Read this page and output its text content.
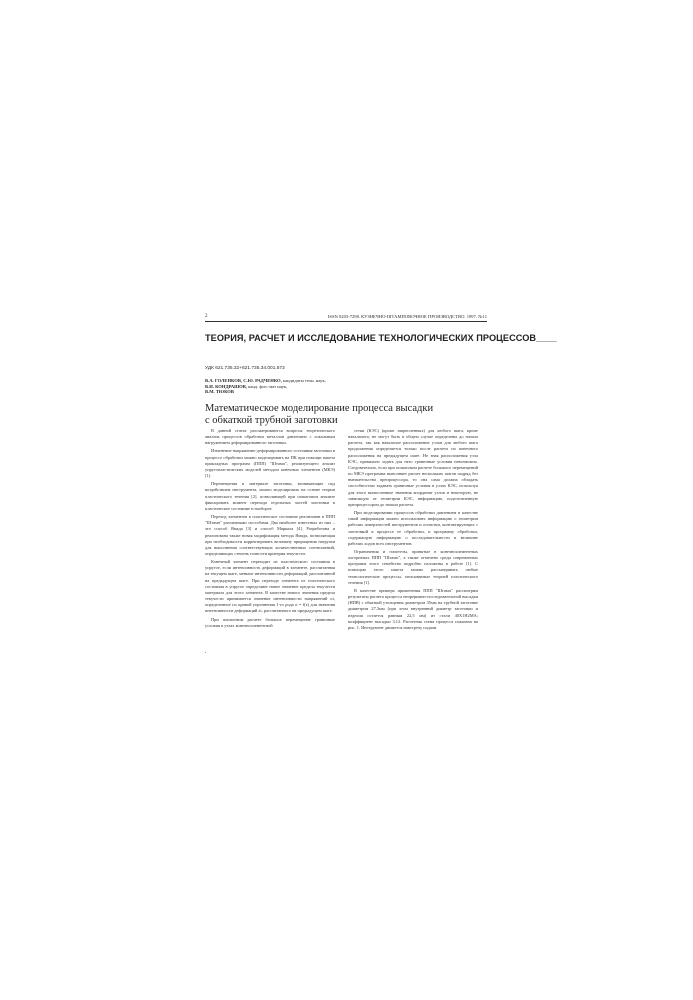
2	ISSN 0203-7298. КУЗНЕЧНО-ШТАМПОВОЧНОЕ ПРОИЗВОДСТВО. 1997. №11
ТЕОРИЯ, РАСЧЕТ И ИССЛЕДОВАНИЕ ТЕХНОЛОГИЧЕСКИХ ПРОЦЕССОВ____
УДК 621.735.32+621.735.34.001.573
В.А. ГОЛЕНКОВ, С.Ю. РАДЧЕНКО, кандидаты техн. наук,
В.И. КОНДРАШОВ, канд. физ.-мат наук,
В.М. ТЮКОВ
Математическое моделирование процесса высадки
с обкаткой трубной заготовки

В данной статье рассматриваются вопросы теоретического анализа процессов обработки металлов давлением с локальным нагружением деформированного заготовки.

Изменение напряженно-деформированного состояния заготовки в процессе обработки можно моделировать на ПК при помощи пакета прикладных программ (ППП) "Штамп", реализующего анализ упругопластических моделей методом конечных элементов (МКЭ) [1].

Перемещения в материале заготовки, возникающие под воздействием инструмента, можно моделировать на основе теории пластического течения [2], позволяющей при пошаговом анализе фиксировать момент перехода отдельных частей заготовки в пластическое состояние и наоборот.

Переход элементов в пластическое состояние реализован в ППП "Штамп" различными способами. Два наиболее известных из них – это способ Ямада [3] и способ Маркала [4]. Разработана и реализована также новая модификация метода Ямада, позволяющая при необходимости корректировать величину приращения нагрузки для выполнения соответствующих количественных соотношений, определяющих степень точности критерия текучести.

Конечный элемент переходит из пластического состояния в упругое, если интенсивность деформаций в элементе, рассчитанная на текущем шаге, меньше интенсивности деформаций, рассчитанной на предыдущем шаге. При переходе элемента из пластического состояния в упругое определяют новое значение предела текучести материала для этого элемента. В качестве нового значения предела текучести принимается значение интенсивности напряжений σi, определенное по кривой упрочнения 1-го рода σ = f(ε) для значения интенсивности деформаций εi, рассчитанного на предыдущем шаге.

При пошаговом расчете большое перемещение граничные условия в узлах конечноэлементной

сетки (КЭС) (кроме закрепленных) для любого шага, кроме начального, не могут быть в общем случае определены до начала расчета, так как начальное расположение узлов для любого шага продолжения определяется только после расчета по конечного расположения на предыдущем шаге. Не зная расположения узла КЭС, правильно задать для него граничные условия невозможно. Следовательно, если при пошаговом расчете большого перемещений по МКЭ программа выполняет расчет нескольких шагов подряд без вмешательства препроцессора, то она сама должна обладать способностью задавать граничные условия в узлах КЭС, используя для этого вычисленные значения координат узлов и некоторую, не зависящую от геометрии КЭС, информацию, подготовленную препроцессором до начала расчета.

При моделировании процессов обработки давлением в качестве такой информации можно использовать информацию о геометрии рабочих поверхностей инструментов и оснастки, контактирующих с заготовкой в процессе ее обработки, и программу обработки, содержащую информацию о последовательности и величине рабочих ходов всех инструментов.

Ограничения и гипотезы, принятые в конечноэлементных алгоритмах ППП "Штамп", а также отмечено среди современных программ этого семейства подробно изложены в работе [1]. С помощью этого пакета можно рассматривать любые технологические процессы, описываемые теорией пластического течения [1].

В качестве примера применения ППП "Штамп" рассмотрим результаты расчета процесса непрерывно-последовательной высадки (НПВ) с обкаткой утолщения диаметром 35мм на трубной заготовке диаметром 27,3мм (при этом внутренний диаметр заготовки и изделия остается равным 22,5 мм) из стали 40Х1Н2МА; коэффициент высадки 3,12. Расчетная схема процесса показана на рис. 1. Инструмент движется навстречу подачи
